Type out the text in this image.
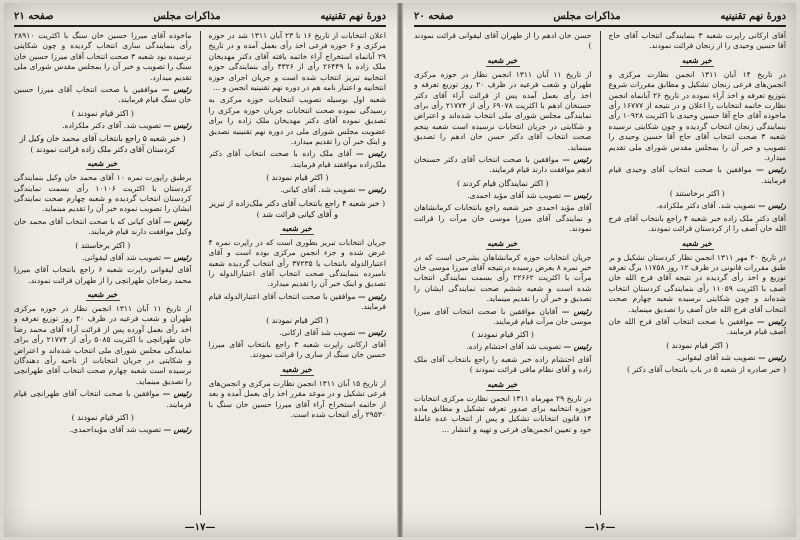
دورهٔ نهم تقنینیه
مذاکرات مجلس
صفحه ۲۱
اعلان انتخابات از تاریخ ۱۶ تا ۲۳ آبان ۱۳۱۱ شد در حوزه مرکزی و ۶ حوزه فرعی اخذ رأی بعمل آمده و در تاریخ ۲۹ آبانماه استخراج آراء خاتمه یافته آقای دکتر مهدیخان ملک زاده با ۲۶۴۴۹ رأی از ۴۳۲۶ رأی بنمایندگی حوزه انتخابیه تبریز انتخاب شده است و جریان اجرای حوزه انتخابیه و اعتبار نامه هم در دوره نهم تقنینیه انجمن و ...
شعبه اول بوسیله تصویب انتخابات حوزه مرکزی به رسیدگی نموده صحت انتخابات جریان حوزه مرکزی را تصدیق نموده آقای دکتر مهدیخان ملک زاده را برای عضویت مجلس شورای ملی در دوره نهم تقنینیه تصدیق و اینک خبر آن را تقدیم میدارد.
رئیس — آقای ملک زاده با صحت انتخاب آقای دکتر ملک‌زاده موافقند قیام فرمایند.
( اکثر قیام نمودند )
رئیس — تصویب شد. آقای کیانی.
( خبر شعبه ۴ راجع بانتخاب آقای دکتر ملک‌زاده از تبریز و آقای کیانی قرائت شد )
خبر شعبه
جریان انتخابات تبریز بطوری است که در راپرت نمره ۴ عرض شده و جزء انجمن مرکزی بوده است و آقای اعتبارالدوله بانتخاب با ۳۷۲۳۵ رأی انتخاب گردیده شعبه نامبرده بنمایندگی صحت انتخاب آقای اعتبارالدوله را تصدیق و اینک خبر آن را تقدیم میدارد.
رئیس — موافقین با صحت انتخاب آقای اعتبارالدوله قیام فرمایند.
( اکثر قیام نمودند )
رئیس — تصویب شد آقای ارکانی.
آقای ارکانی راپرت شعبه ۳ راجع بانتخاب آقای میرزا حسین خان سنگ از ساری را قرائت نمودند.
خبر شعبه
از تاریخ ۱۵ آبان ۱۳۱۱ انجمن نظارت مرکزی و انجمن‌های فرعی تشکیل و در موعد مقرر اخذ رأی بعمل آمده و بعد از خاتمه استخراج آراء آقای میرزا حسین خان سنگ با ۲۹۵۳۰ رأی انتخاب شده است.
ماخوذه آقای میرزا حسین خان سنگ با اکثریت ۲۸۹۱۰ رأی بنمایندگی ساری انتخاب گردیده و چون شکایتی نرسیده بود شعبه ۳ صحت انتخاب آقای میرزا حسین خان سنگ را تصویب و خبر آن را بمجلس مقدس شورای ملی تقدیم میدارد.
رئیس — موافقین با صحت انتخاب آقای میرزا حسین خان سنگ قیام فرمایند.
( اکثر قیام نمودند )
رئیس — تصویب شد. آقای دکتر ملکزاده.
( خبر شعبه ۵ راجع بانتخاب آقای محمد خان وکیل از کردستان آقای دکتر ملک زاده قرائت نمودند )
خبر شعبه
برطبق راپورت نمره ۱۰ آقای محمد خان وکیل بنمایندگی کردستان با اکثریت ۱۰۱۰۶ رأی بسمت نمایندگی کردستان انتخاب گردیده و شعبه چهارم صحت نمایندگی ایشان را تصویب نموده خبر آن را تقدیم مینماید.
رئیس — آقای کیانی که با صحت انتخاب آقای محمد خان وکیل موافقت دارند قیام فرمایند.
( اکثر برخاستند )
رئیس — تصویب شد آقای لیقوانی.
آقای لیقوانی راپرت شعبه ۶ راجع بانتخاب آقای میرزا محمد رضاخان طهرانچی را از طهران قرائت نمودند.
خبر شعبه
از تاریخ ۱۱ آبان ۱۳۱۱ انجمن نظار در حوزه مرکزی طهران و شعب فرعیه در ظرف ۲۰ روز توزیع تعرفه و اخذ رأی بعمل آورده پس از قرائت آراء آقای محمد رضا خان طهرانچی با اکثریت ۵۰۸۵ رأی از ۲۱۷۷۴ رأی برای نمایندگی مجلس شورای ملی انتخاب شده‌اند و اعتراض و شکایتی در جریان انتخابات از ناحیه رأی دهندگان نرسیده است شعبه چهارم صحت انتخاب آقای طهرانچی را تصدیق مینماید.
رئیس — موافقین با صحت انتخاب آقای طهرانچی قیام فرمایند.
( اکثر قیام نمودند )
رئیس — تصویب شد آقای مؤیداحمدی.
—۱۷—
دورهٔ نهم تقنینیه
مذاکرات مجلس
صفحه ۲۰
آقای ارکانی راپرت شعبه ۳ بنمایندگی انتخاب آقای حاج آقا حسین وحیدی را از زنجان قرائت نمودند.
خبر شعبه
در تاریخ ۱۴ آبان ۱۳۱۱ انجمن نظارت مرکزی و انجمن‌های فرعی زنجان تشکیل و مطابق مقررات شروع بتوزیع تعرفه و اخذ آراء نموده در تاریخ ۲۶ آبانماه انجمن نظارت خاتمه انتخابات را اعلان و در نتیجه از ۱۶۷۷۷ رأی ماخوذه آقای حاج آقا حسین وحیدی با اکثریت ۱۰۹۲۸ رأی بنمایندگی زنجان انتخاب گردیده و چون شکایتی نرسیده شعبه ۳ صحت انتخاب آقای حاج آقا حسین وحیدی را تصویب و خبر آن را بمجلس مقدس شورای ملی تقدیم میدارد.
رئیس — موافقین با صحت انتخاب آقای وحیدی قیام فرمایند.
( اکثر برخاستند )
رئیس — تصویب شد. آقای دکتر ملکزاده.
آقای دکتر ملک زاده خبر شعبه ۴ راجع بانتخاب آقای فرج الله خان آصف را از کردستان قرائت نمودند.
خبر شعبه
در تاریخ ۳۰ مهر ۱۳۱۱ انجمن نظار کردستان تشکیل و بر طبق مقررات قانونی در ظرف ۱۲ روز ۱۱۷۵۸ برگ تعرفه توزیع و اخذ رأی گردیده در نتیجه آقای فرج الله خان آصف با اکثریت ۱۱۰۵۹ رأی بنمایندگی کردستان انتخاب شده‌اند و چون شکایتی نرسیده شعبه چهارم صحت انتخاب آقای فرج الله خان آصف را تصدیق مینماید.
رئیس — موافقین با صحت انتخاب آقای فرج الله خان آصف قیام فرمایند.
( اکثر قیام نمودند )
رئیس — تصویب شد آقای لیقوانی.
( خبر صادره از شعبه ۵ در باب بانتخاب آقای دکتر )
حسن خان ادهم را از طهران آقای لیقوانی قرائت نمودند )
خبر شعبه
از تاریخ ۱۱ آبان ۱۳۱۱ انجمن نظار در حوزه مرکزی طهران و شعب فرعیه در ظرف ۲۰ روز توزیع تعرفه و اخذ رأی بعمل آمده پس از قرائت آراء آقای دکتر حسنخان ادهم با اکثریت ۶۹۰۷۸ رأی از ۲۱۷۷۴ رأی برای نمایندگی مجلس شورای ملی انتخاب شده‌اند و اعتراض و شکایتی در جریان انتخابات نرسیده است شعبه پنجم صحت انتخاب آقای دکتر حسن خان ادهم را تصدیق مینماید.
رئیس — موافقین با صحت انتخاب آقای دکتر حسنخان ادهم موافقت دارند قیام فرمایند.
( اکثر نمایندگان قیام کردند )
رئیس — تصویب شد آقای مؤید احمدی.
آقای مؤید احمدی خبر شعبه راجع بانتخابات کرمانشاهان و نمایندگی آقای میرزا موسی خان مرآت را قرائت نمودند.
خبر شعبه
جریان انتخابات حوزه کرمانشاهان بشرحی است که در خبر نمره ۸ بعرض رسیده درنتیجه آقای میرزا موسی خان مرآت با اکثریت ۲۲۶۶۲ رأی بسمت نمایندگی انتخاب شده است و شعبه ششم صحت نمایندگی ایشان را تصدیق و خبر آن را تقدیم مینماید.
رئیس — آقایان موافقین با صحت انتخاب آقای میرزا موسی خان مرآت قیام فرمایند.
( اکثر قیام نمودند )
رئیس — تصویب شد آقای احتشام زاده.
آقای احتشام زاده خبر شعبه را راجع بانتخاب آقای ملک زاده و آقای نظام مافی قرائت نمودند )
خبر شعبه
در تاریخ ۲۹ مهرماه ۱۳۱۱ انجمن نظارت مرکزی انتخابات حوزه انتخابیه برای صدور تعرفه تشکیل و مطابق ماده ۱۴ قانون انتخابات تشکیل و پس از انتخاب عده عاملۀ خود و تعیین انجمن‌های فرعی و تهیه و انتشار ...
—۱۶—
